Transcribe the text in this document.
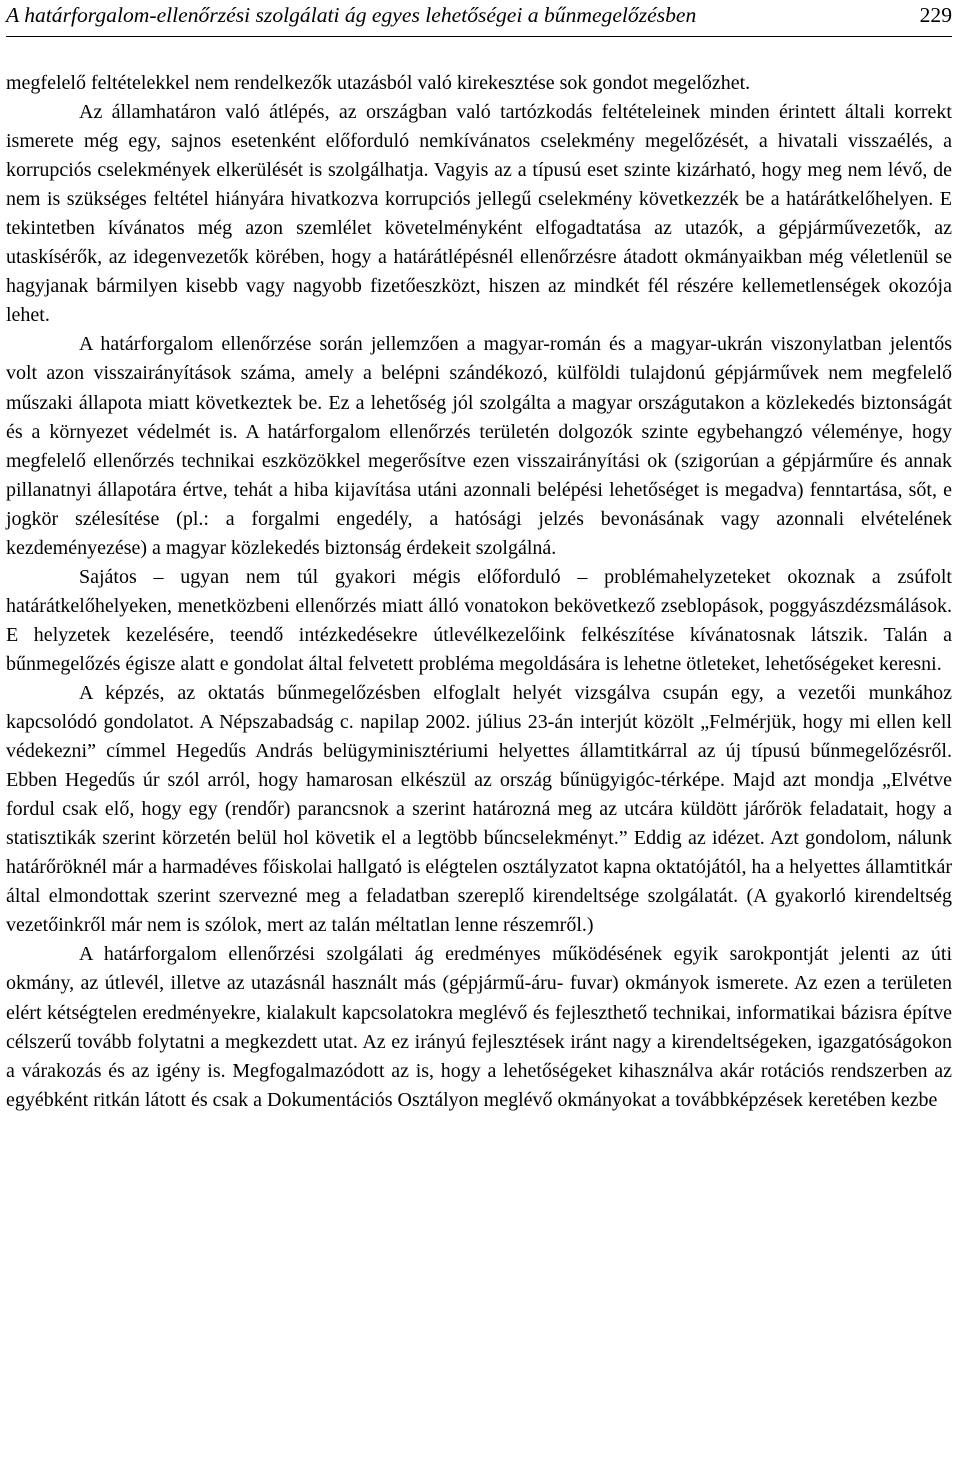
A határforgalom-ellenőrzési szolgálati ág egyes lehetőségei a bűnmegelőzésben	229

megfelelő feltételekkel nem rendelkezők utazásból való kirekesztése sok gondot megelőzhet.

Az államhatáron való átlépés, az országban való tartózkodás feltételeinek minden érintett általi korrekt ismerete még egy, sajnos esetenként előforduló nemkívánatos cselekmény megelőzését, a hivatali visszaélés, a korrupciós cselekmények elkerülését is szolgálhatja. Vagyis az a típusú eset szinte kizárható, hogy meg nem lévő, de nem is szükséges feltétel hiányára hivatkozva korrupciós jellegű cselekmény következzék be a határátkelőhelyen. E tekintetben kívánatos még azon szemlélet követelményként elfogadtatása az utazók, a gépjárművezetők, az utaskísérők, az idegenvezetők körében, hogy a határátlépésnél ellenőrzésre átadott okmányaikban még véletlenül se hagyjanak bármilyen kisebb vagy nagyobb fizetőeszközt, hiszen az mindkét fél részére kellemetlenségek okozója lehet.

A határforgalom ellenőrzése során jellemzően a magyar-román és a magyar-ukrán viszonylatban jelentős volt azon visszairányítások száma, amely a belépni szándékozó, külföldi tulajdonú gépjárművek nem megfelelő műszaki állapota miatt következtek be. Ez a lehetőség jól szolgálta a magyar országutakon a közlekedés biztonságát és a környezet védelmét is. A határforgalom ellenőrzés területén dolgozók szinte egybehangzó véleménye, hogy megfelelő ellenőrzés technikai eszközökkel megerősítve ezen visszairányítási ok (szigorúan a gépjárműre és annak pillanatnyi állapotára értve, tehát a hiba kijavítása utáni azonnali belépési lehetőséget is megadva) fenntartása, sőt, e jogkör szélesítése (pl.: a forgalmi engedély, a hatósági jelzés bevonásának vagy azonnali elvételének kezdeményezése) a magyar közlekedés biztonság érdekeit szolgálná.

Sajátos – ugyan nem túl gyakori mégis előforduló – problémahelyzeteket okoznak a zsúfolt határátkelőhelyeken, menetközbeni ellenőrzés miatt álló vonatokon bekövetkező zseblopások, poggyászdézsmálások. E helyzetek kezelésére, teendő intézkedésekre útlevélkezelőink felkészítése kívánatosnak látszik. Talán a bűnmegelőzés égisze alatt e gondolat által felvetett probléma megoldására is lehetne ötleteket, lehetőségeket keresni.

A képzés, az oktatás bűnmegelőzésben elfoglalt helyét vizsgálva csupán egy, a vezetői munkához kapcsolódó gondolatot. A Népszabadság c. napilap 2002. július 23-án interjút közölt „Felmérjük, hogy mi ellen kell védekezni” címmel Hegedűs András belügyminisztériumi helyettes államtitkárral az új típusú bűnmegelőzésről. Ebben Hegedűs úr szól arról, hogy hamarosan elkészül az ország bűnügyigóc-térképe. Majd azt mondja „Elvétve fordul csak elő, hogy egy (rendőr) parancsnok a szerint határozná meg az utcára küldött járőrök feladatait, hogy a statisztikák szerint körzetén belül hol követik el a legtöbb bűncselekményt.” Eddig az idézet. Azt gondolom, nálunk határőröknél már a harmadéves főiskolai hallgató is elégtelen osztályzatot kapna oktatójától, ha a helyettes államtitkár által elmondottak szerint szervezné meg a feladatban szereplő kirendeltsége szolgálatát. (A gyakorló kirendeltség vezetőinkről már nem is szólok, mert az talán méltatlan lenne részemről.)

A határforgalom ellenőrzési szolgálati ág eredményes működésének egyik sarokpontját jelenti az úti okmány, az útlevél, illetve az utazásnál használt más (gépjármű-áru- fuvar) okmányok ismerete. Az ezen a területen elért kétségtelen eredményekre, kialakult kapcsolatokra meglévő és fejleszthető technikai, informatikai bázisra építve célszerű tovább folytatni a megkezdett utat. Az ez irányú fejlesztések iránt nagy a kirendeltségeken, igazgatóságokon a várakozás és az igény is. Megfogalmazódott az is, hogy a lehetőségeket kihasználva akár rotációs rendszerben az egyébként ritkán látott és csak a Dokumentációs Osztályon meglévő okmányokat a továbbképzések keretében kezbe
